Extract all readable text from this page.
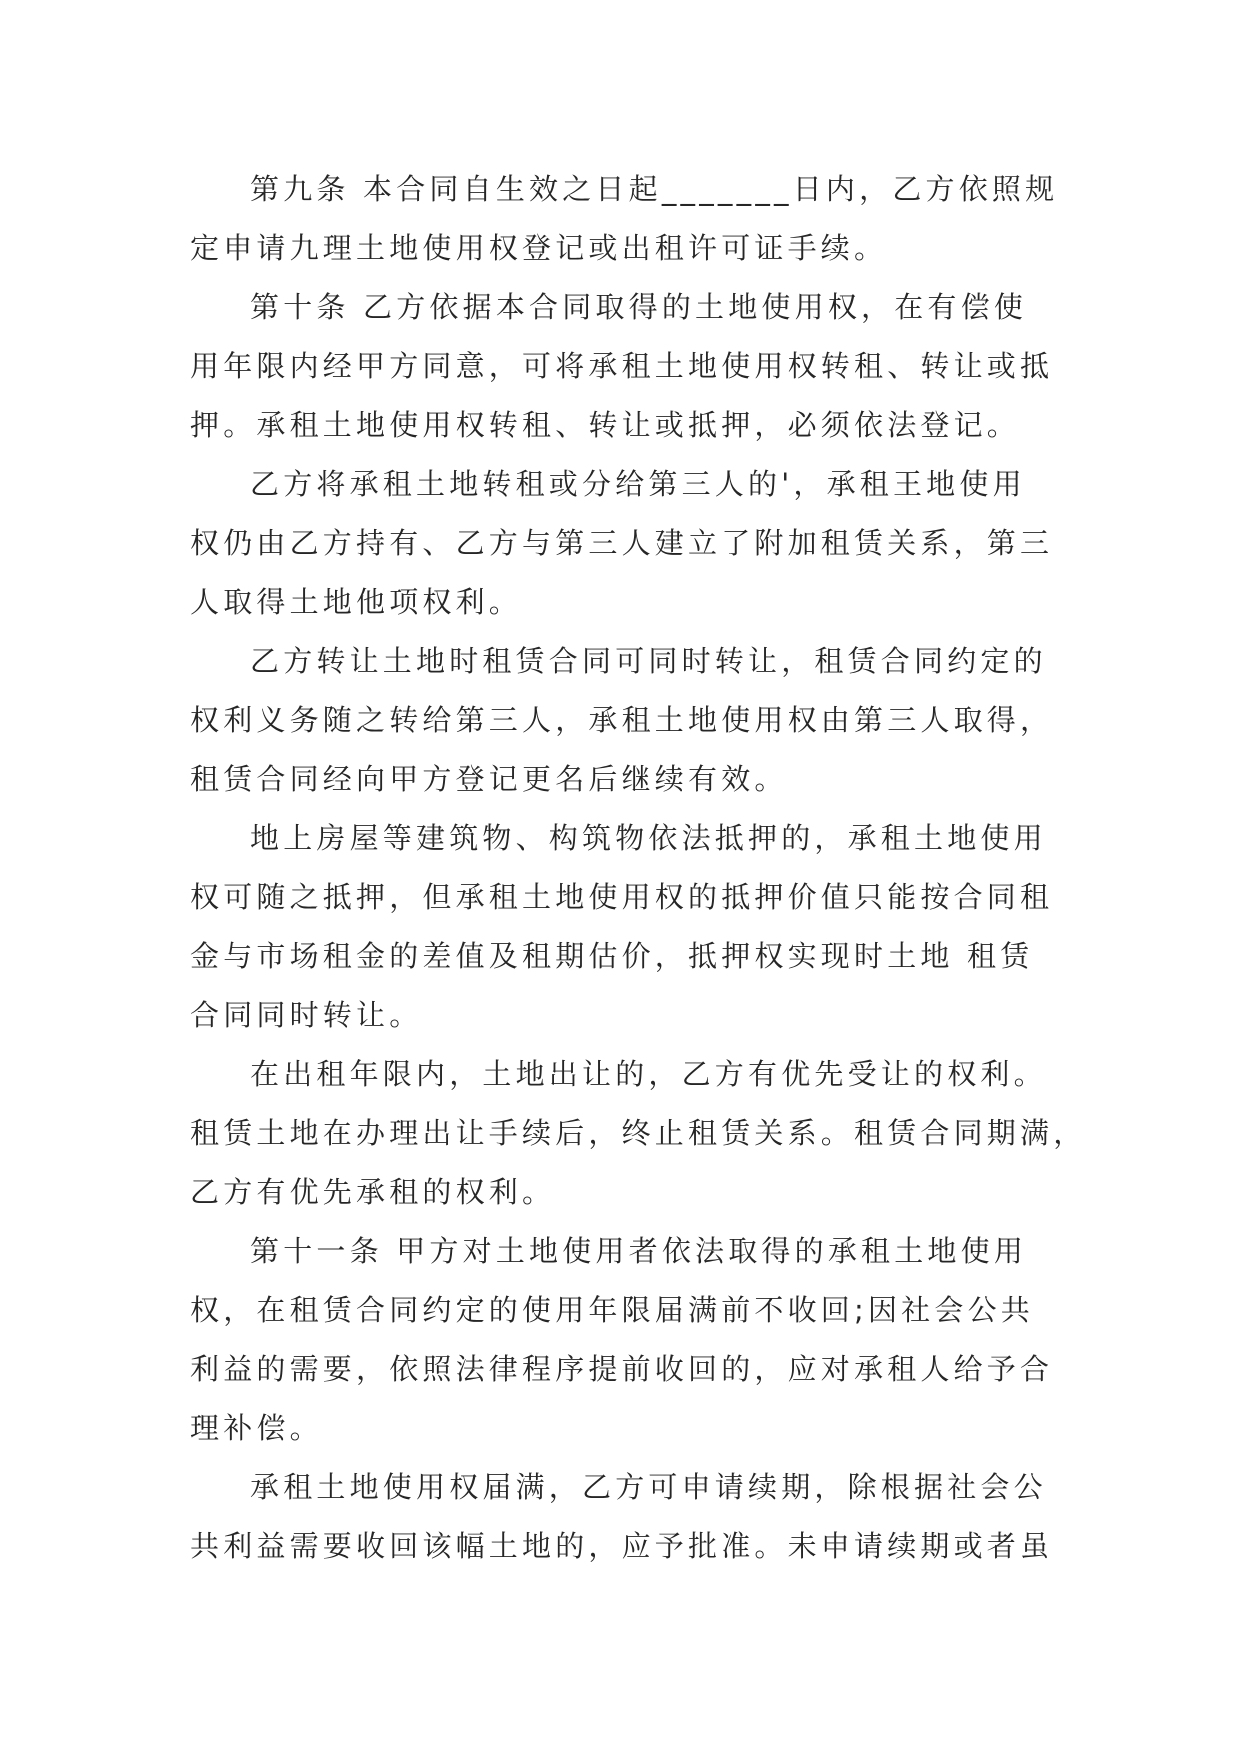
第九条 本合同自生效之日起_______日内，乙方依照规
定申请九理土地使用权登记或出租许可证手续。

第十条 乙方依据本合同取得的土地使用权，在有偿使
用年限内经甲方同意，可将承租土地使用权转租、转让或抵
押。承租土地使用权转租、转让或抵押，必须依法登记。

乙方将承租土地转租或分给第三人的'，承租王地使用
权仍由乙方持有、乙方与第三人建立了附加租赁关系，第三
人取得土地他项权利。

乙方转让土地时租赁合同可同时转让，租赁合同约定的
权利义务随之转给第三人，承租土地使用权由第三人取得，
租赁合同经向甲方登记更名后继续有效。

地上房屋等建筑物、构筑物依法抵押的，承租土地使用
权可随之抵押，但承租土地使用权的抵押价值只能按合同租
金与市场租金的差值及租期估价，抵押权实现时土地 租赁
合同同时转让。

在出租年限内，土地出让的，乙方有优先受让的权利。
租赁土地在办理出让手续后，终止租赁关系。租赁合同期满，
乙方有优先承租的权利。

第十一条 甲方对土地使用者依法取得的承租土地使用
权，在租赁合同约定的使用年限届满前不收回;因社会公共
利益的需要，依照法律程序提前收回的，应对承租人给予合
理补偿。

承租土地使用权届满，乙方可申请续期，除根据社会公
共利益需要收回该幅土地的，应予批准。未申请续期或者虽
